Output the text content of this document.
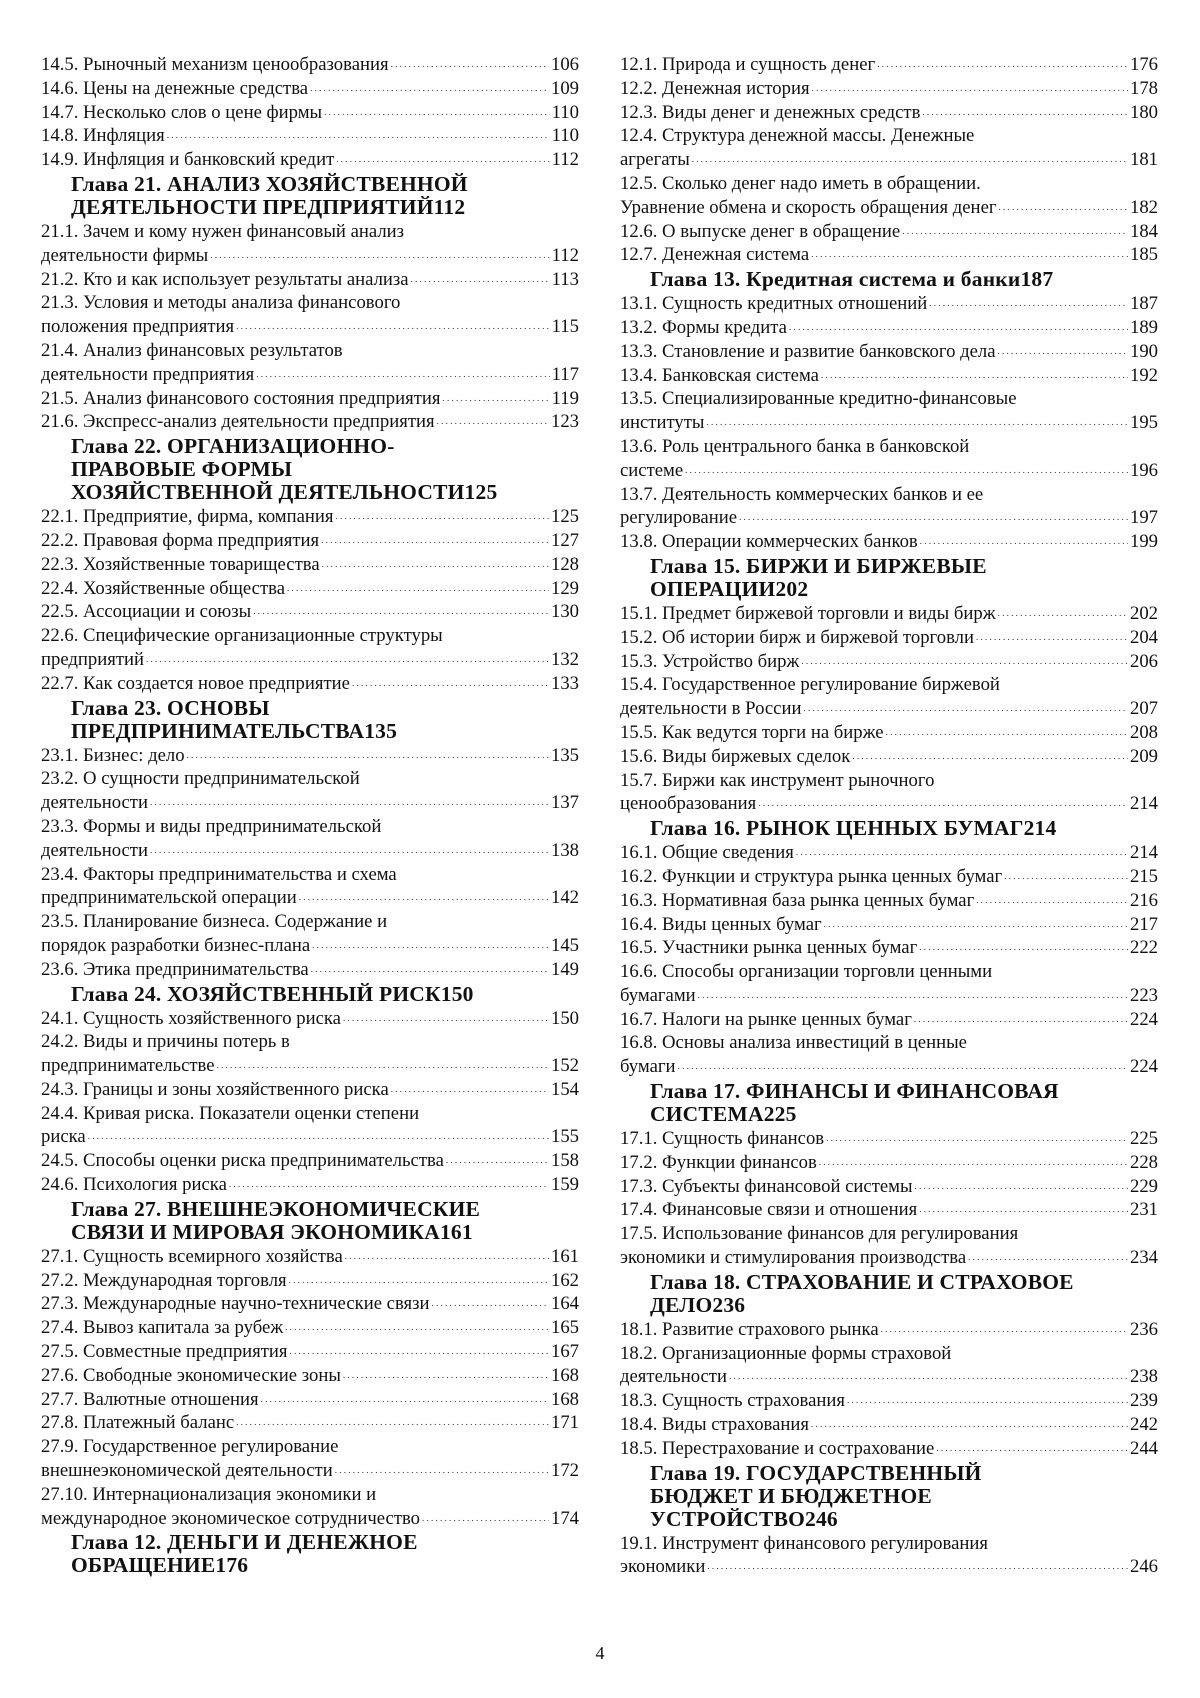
14.5. Рыночный механизм ценообразования . . .	106
14.6. Цены на денежные средства . . .	109
14.7. Несколько слов о цене фирмы . . .	110
14.8. Инфляция . . .	110
14.9. Инфляция и банковский кредит . . .	112
Глава 21. АНАЛИЗ ХОЗЯЙСТВЕННОЙ
ДЕЯТЕЛЬНОСТИ ПРЕДПРИЯТИЙ 112
21.1. Зачем и кому нужен финансовый анализ
деятельности фирмы . . .	112
21.2. Кто и как использует результаты анализа . . .	113
21.3. Условия и методы анализа финансового
положения предприятия . . .	115
21.4. Анализ финансовых результатов
деятельности предприятия . . .	117
21.5. Анализ финансового состояния предприятия . . .	119
21.6. Экспресс-анализ деятельности предприятия . . .	123
Глава 22. ОРГАНИЗАЦИОННО-
ПРАВОВЫЕ ФОРМЫ
ХОЗЯЙСТВЕННОЙ ДЕЯТЕЛЬНОСТИ 125
22.1. Предприятие, фирма, компания . . .	125
22.2. Правовая форма предприятия . . .	127
22.3. Хозяйственные товарищества . . .	128
22.4. Хозяйственные общества . . .	129
22.5. Ассоциации и союзы . . .	130
22.6. Специфические организационные структуры
предприятий . . .	132
22.7. Как создается новое предприятие . . .	133
Глава 23. ОСНОВЫ
ПРЕДПРИНИМАТЕЛЬСТВА 135
23.1. Бизнес: дело . . .	135
23.2. О сущности предпринимательской
деятельности . . .	137
23.3. Формы и виды предпринимательской
деятельности . . .	138
23.4. Факторы предпринимательства и схема
предпринимательской операции . . .	142
23.5. Планирование бизнеса. Содержание и
порядок разработки бизнес-плана . . .	145
23.6. Этика предпринимательства . . .	149
Глава 24. ХОЗЯЙСТВЕННЫЙ РИСК 150
24.1. Сущность хозяйственного риска . . .	150
24.2. Виды и причины потерь в
предпринимательстве . . .	152
24.3. Границы и зоны хозяйственного риска . . .	154
24.4. Кривая риска. Показатели оценки степени
риска . . .	155
24.5. Способы оценки риска предпринимательства . . .	158
24.6. Психология риска . . .	159
Глава 27. ВНЕШНЕЭКОНОМИЧЕСКИЕ
СВЯЗИ И МИРОВАЯ ЭКОНОМИКА 161
27.1. Сущность всемирного хозяйства . . .	161
27.2. Международная торговля . . .	162
27.3. Международные научно-технические связи . . .	164
27.4. Вывоз капитала за рубеж . . .	165
27.5. Совместные предприятия . . .	167
27.6. Свободные экономические зоны . . .	168
27.7. Валютные отношения . . .	168
27.8. Платежный баланс . . .	171
27.9. Государственное регулирование
внешнеэкономической деятельности . . .	172
27.10. Интернационализация экономики и
международное экономическое сотрудничество . . .	174
Глава 12. ДЕНЬГИ И ДЕНЕЖНОЕ
ОБРАЩЕНИЕ 176
12.1. Природа и сущность денег . . .	176
12.2. Денежная история . . .	178
12.3. Виды денег и денежных средств . . .	180
12.4. Структура денежной массы. Денежные
агрегаты . . .	181
12.5. Сколько денег надо иметь в обращении.
Уравнение обмена и скорость обращения денег . . .	182
12.6. О выпуске денег в обращение . . .	184
12.7. Денежная система . . .	185
Глава 13. Кредитная система и банки 187
13.1. Сущность кредитных отношений . . .	187
13.2. Формы кредита . . .	189
13.3. Становление и развитие банковского дела . . .	190
13.4. Банковская система . . .	192
13.5. Специализированные кредитно-финансовые
институты . . .	195
13.6. Роль центрального банка в банковской
системе . . .	196
13.7. Деятельность коммерческих банков и ее
регулирование . . .	197
13.8. Операции коммерческих банков . . .	199
Глава 15. БИРЖИ И БИРЖЕВЫЕ
ОПЕРАЦИИ 202
15.1. Предмет биржевой торговли и виды бирж . . .	202
15.2. Об истории бирж и биржевой торговли . . .	204
15.3. Устройство бирж . . .	206
15.4. Государственное регулирование биржевой
деятельности в России . . .	207
15.5. Как ведутся торги на бирже . . .	208
15.6. Виды биржевых сделок . . .	209
15.7. Биржи как инструмент рыночного
ценообразования . . .	214
Глава 16. РЫНОК ЦЕННЫХ БУМАГ 214
16.1. Общие сведения . . .	214
16.2. Функции и структура рынка ценных бумаг . . .	215
16.3. Нормативная база рынка ценных бумаг . . .	216
16.4. Виды ценных бумаг . . .	217
16.5. Участники рынка ценных бумаг . . .	222
16.6. Способы организации торговли ценными
бумагами . . .	223
16.7. Налоги на рынке ценных бумаг . . .	224
16.8. Основы анализа инвестиций в ценные
бумаги . . .	224
Глава 17. ФИНАНСЫ И ФИНАНСОВАЯ
СИСТЕМА 225
17.1. Сущность финансов . . .	225
17.2. Функции финансов . . .	228
17.3. Субъекты финансовой системы . . .	229
17.4. Финансовые связи и отношения . . .	231
17.5. Использование финансов для регулирования
экономики и стимулирования производства . . .	234
Глава 18. СТРАХОВАНИЕ И СТРАХОВОЕ
ДЕЛО 236
18.1. Развитие страхового рынка . . .	236
18.2. Организационные формы страховой
деятельности . . .	238
18.3. Сущность страхования . . .	239
18.4. Виды страхования . . .	242
18.5. Перестрахование и сострахование . . .	244
Глава 19. ГОСУДАРСТВЕННЫЙ
БЮДЖЕТ И БЮДЖЕТНОЕ
УСТРОЙСТВО 246
19.1. Инструмент финансового регулирования
экономики . . .	246
4
